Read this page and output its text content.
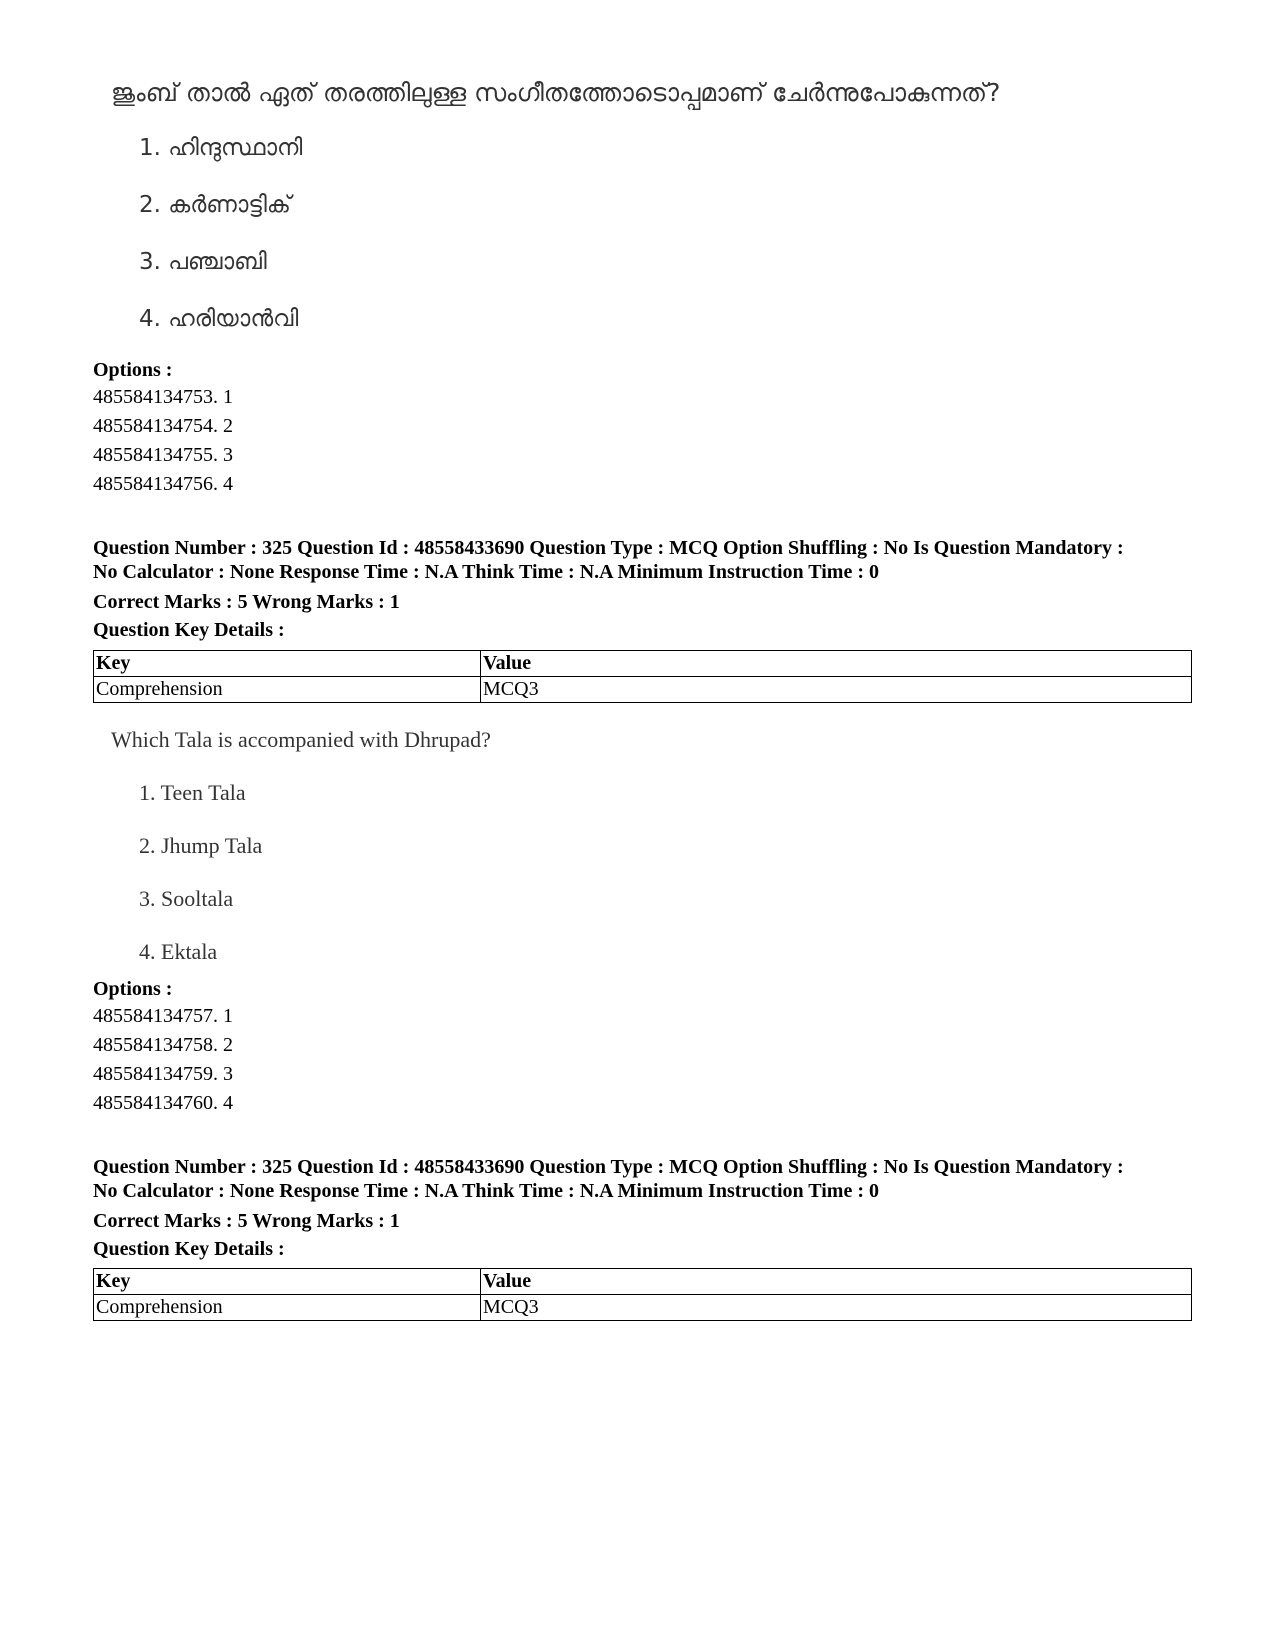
ജുംബ് താൽ ഏത് തരത്തിലുള്ള സംഗീതത്തോടൊപ്പമാണ് ചേർന്നുപോകുന്നത്?
1. ഹിന്ദുസ്ഥാനി
2. കർണാട്ടിക്
3. പഞ്ചാബി
4. ഹരിയാൻവി
Options :
485584134753. 1
485584134754. 2
485584134755. 3
485584134756. 4
Question Number : 325 Question Id : 48558433690 Question Type : MCQ Option Shuffling : No Is Question Mandatory :
No Calculator : None Response Time : N.A Think Time : N.A Minimum Instruction Time : 0
Correct Marks : 5 Wrong Marks : 1
Question Key Details :
Key	Value
Comprehension	MCQ3
Which Tala is accompanied with Dhrupad?
1. Teen Tala
2. Jhump Tala
3. Sooltala
4. Ektala
Options :
485584134757. 1
485584134758. 2
485584134759. 3
485584134760. 4
Question Number : 325 Question Id : 48558433690 Question Type : MCQ Option Shuffling : No Is Question Mandatory :
No Calculator : None Response Time : N.A Think Time : N.A Minimum Instruction Time : 0
Correct Marks : 5 Wrong Marks : 1
Question Key Details :
Key	Value
Comprehension	MCQ3
